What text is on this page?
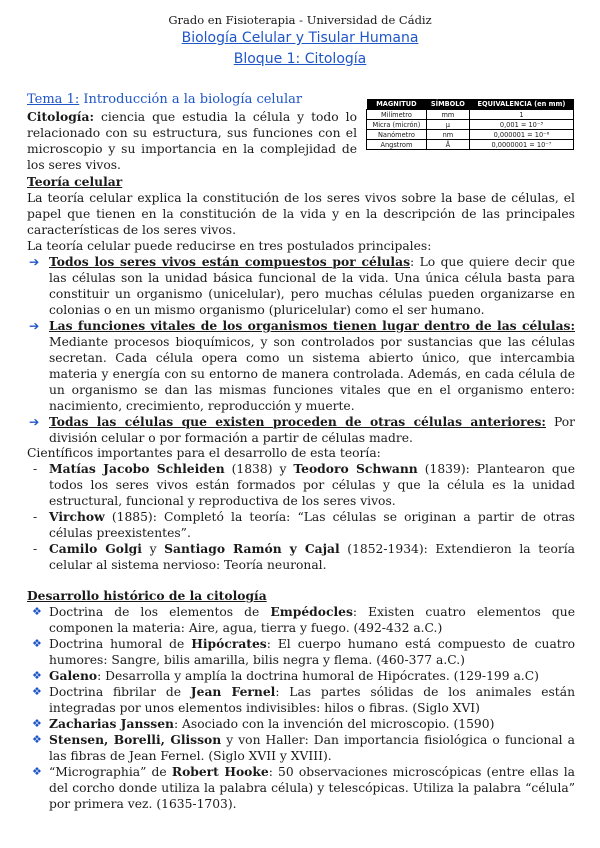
Grado en Fisioterapia - Universidad de Cádiz
Biología Celular y Tisular Humana
Bloque 1: Citología
Tema 1: Introducción a la biología celular
Citología: ciencia que estudia la célula y todo lo relacionado con su estructura, sus funciones con el microscopio y su importancia en la complejidad de los seres vivos.
MAGNITUD	SÍMBOLO	EQUIVALENCIA (en mm)
Milímetro	mm	1
Micra (micrón)	µ	0,001 = 10⁻³
Nanómetro	nm	0,000001 = 10⁻⁶
Angstrom	Å	0,0000001 = 10⁻⁷
Teoría celular
La teoría celular explica la constitución de los seres vivos sobre la base de células, el papel que tienen en la constitución de la vida y en la descripción de las principales características de los seres vivos.
La teoría celular puede reducirse en tres postulados principales:
➔ Todos los seres vivos están compuestos por células: Lo que quiere decir que las células son la unidad básica funcional de la vida. Una única célula basta para constituir un organismo (unicelular), pero muchas células pueden organizarse en colonias o en un mismo organismo (pluricelular) como el ser humano.
➔ Las funciones vitales de los organismos tienen lugar dentro de las células: Mediante procesos bioquímicos, y son controlados por sustancias que las células secretan. Cada célula opera como un sistema abierto único, que intercambia materia y energía con su entorno de manera controlada. Además, en cada célula de un organismo se dan las mismas funciones vitales que en el organismo entero: nacimiento, crecimiento, reproducción y muerte.
➔ Todas las células que existen proceden de otras células anteriores: Por división celular o por formación a partir de células madre.
Científicos importantes para el desarrollo de esta teoría:
- Matías Jacobo Schleiden (1838) y Teodoro Schwann (1839): Plantearon que todos los seres vivos están formados por células y que la célula es la unidad estructural, funcional y reproductiva de los seres vivos.
- Virchow (1885): Completó la teoría: “Las células se originan a partir de otras células preexistentes”.
- Camilo Golgi y Santiago Ramón y Cajal (1852-1934): Extendieron la teoría celular al sistema nervioso: Teoría neuronal.
Desarrollo histórico de la citología
❖ Doctrina de los elementos de Empédocles: Existen cuatro elementos que componen la materia: Aire, agua, tierra y fuego. (492-432 a.C.)
❖ Doctrina humoral de Hipócrates: El cuerpo humano está compuesto de cuatro humores: Sangre, bilis amarilla, bilis negra y flema. (460-377 a.C.)
❖ Galeno: Desarrolla y amplía la doctrina humoral de Hipócrates. (129-199 a.C)
❖ Doctrina fibrilar de Jean Fernel: Las partes sólidas de los animales están integradas por unos elementos indivisibles: hilos o fibras. (Siglo XVI)
❖ Zacharias Janssen: Asociado con la invención del microscopio. (1590)
❖ Stensen, Borelli, Glisson y von Haller: Dan importancia fisiológica o funcional a las fibras de Jean Fernel. (Siglo XVII y XVIII).
❖ “Micrographia” de Robert Hooke: 50 observaciones microscópicas (entre ellas la del corcho donde utiliza la palabra célula) y telescópicas. Utiliza la palabra “célula” por primera vez. (1635-1703).
